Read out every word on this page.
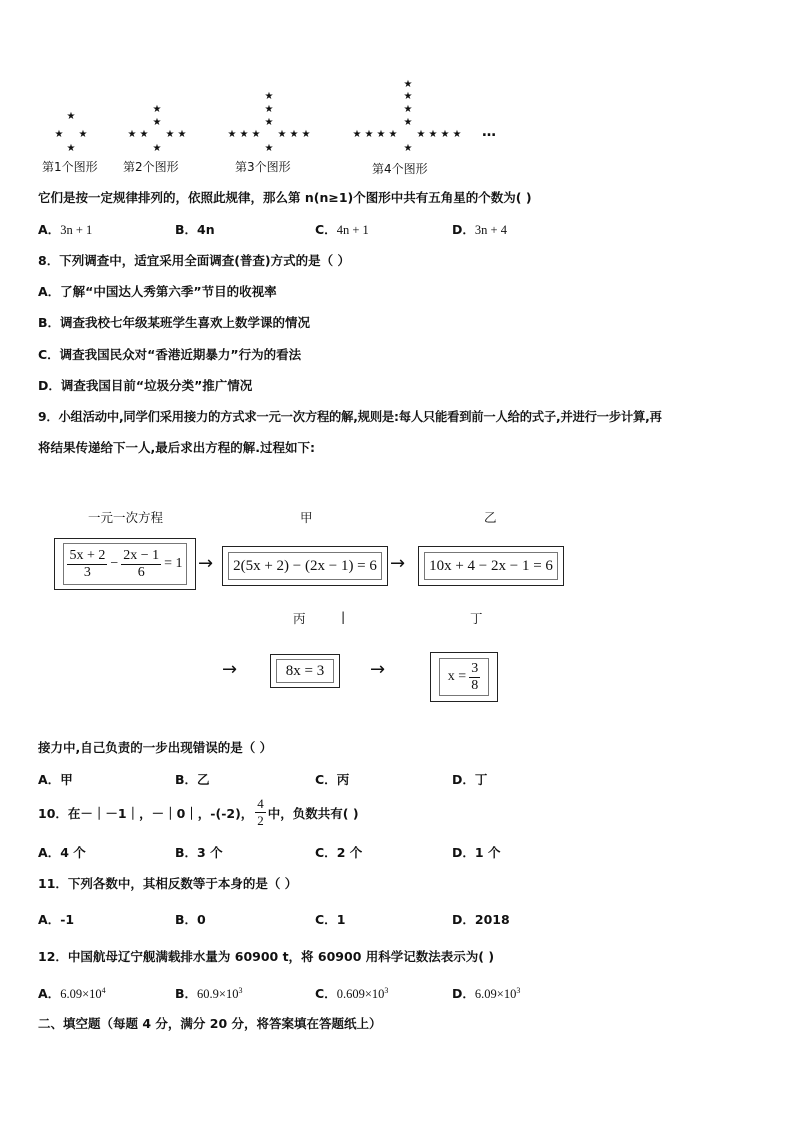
★
★ ★
★
★
★
★ ★ ★ ★
★
★
★
★
★ ★ ★ ★ ★ ★
★
★
★
★
★
★ ★ ★ ★ ★ ★ ★ ★
★
…
第1个图形 第2个图形	第3个图形	第4个图形
它们是按一定规律排列的，依照此规律，那么第 n(n≥1)个图形中共有五角星的个数为( )
A．3n + 1	B．4n	C．4n + 1	D．3n + 4
8．下列调查中，适宜采用全面调查(普查)方式的是（ ）
A．了解“中国达人秀第六季”节目的收视率
B．调查我校七年级某班学生喜欢上数学课的情况
C．调查我国民众对“香港近期暴力”行为的看法
D．调查我国目前“垃圾分类”推广情况
9．小组活动中,同学们采用接力的方式求一元一次方程的解,规则是:每人只能看到前一人给的式子,并进行一步计算,再
将结果传递给下一人,最后求出方程的解.过程如下:
一元一次方程	甲	乙
$\frac{5x + 2}{3} - \frac{2x - 1}{6} = 1$ →	2(5x + 2) − (2x − 1) = 6 →	10x + 4 − 2x − 1 = 6
丙	|	丁
→	8x = 3	→	$x = \frac{3}{8}$
接力中,自己负责的一步出现错误的是（ ）
A．甲	B．乙	C．丙	D．丁
10．在－｜－1｜，－｜0｜，-(-2)， $\frac{4}{2}$ 中，负数共有( )
A．4 个	B．3 个	C．2 个	D．1 个
11．下列各数中，其相反数等于本身的是（ ）
A．-1	B．0	C．1	D．2018
12．中国航母辽宁舰满载排水量为 60900 t，将 60900 用科学记数法表示为( )
A．$6.09\times 10^4$	B．$60.9\times 10^3$	C．$0.609\times 10^3$	D．$6.09\times 10^3$
二、填空题（每题 4 分，满分 20 分，将答案填在答题纸上）
